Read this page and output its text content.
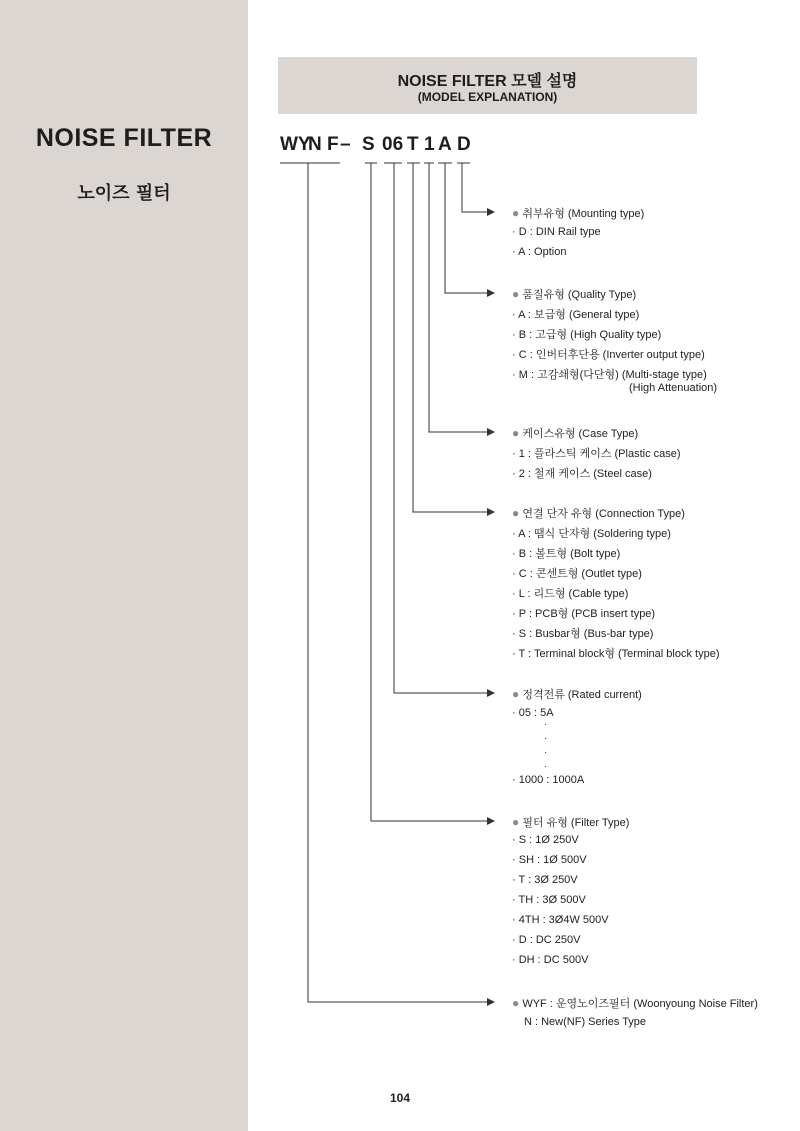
NOISE FILTER
노이즈 필터
NOISE FILTER 모델 설명
(MODEL EXPLANATION)
WY
N F – S 06 T 1 A D
● 취부유형 (Mounting type)
· D : DIN Rail type
· A : Option
● 품질유형 (Quality Type)
· A : 보급형 (General type)
· B : 고급형 (High Quality type)
· C : 인버터후단용 (Inverter output type)
· M : 고감쇄형(다단형) (Multi-stage type)
(High Attenuation)
● 케이스유형 (Case Type)
· 1 : 플라스틱 케이스 (Plastic case)
· 2 : 철재 케이스 (Steel case)
● 연결 단자 유형 (Connection Type)
· A : 땜식 단자형 (Soldering type)
· B : 볼트형 (Bolt type)
· C : 콘센트형 (Outlet type)
· L : 리드형 (Cable type)
· P : PCB형 (PCB insert type)
· S : Busbar형 (Bus-bar type)
· T : Terminal block형 (Terminal block type)
● 정격전류 (Rated current)
· 05 : 5A
·
·
·
·
· 1000 : 1000A
● 필터 유형 (Filter Type)
· S : 1Ø 250V
· SH : 1Ø 500V
· T : 3Ø 250V
· TH : 3Ø 500V
· 4TH : 3Ø4W 500V
· D : DC 250V
· DH : DC 500V
● WYF : 운영노이즈필터 (Woonyoung Noise Filter)
N : New(NF) Series Type
104
